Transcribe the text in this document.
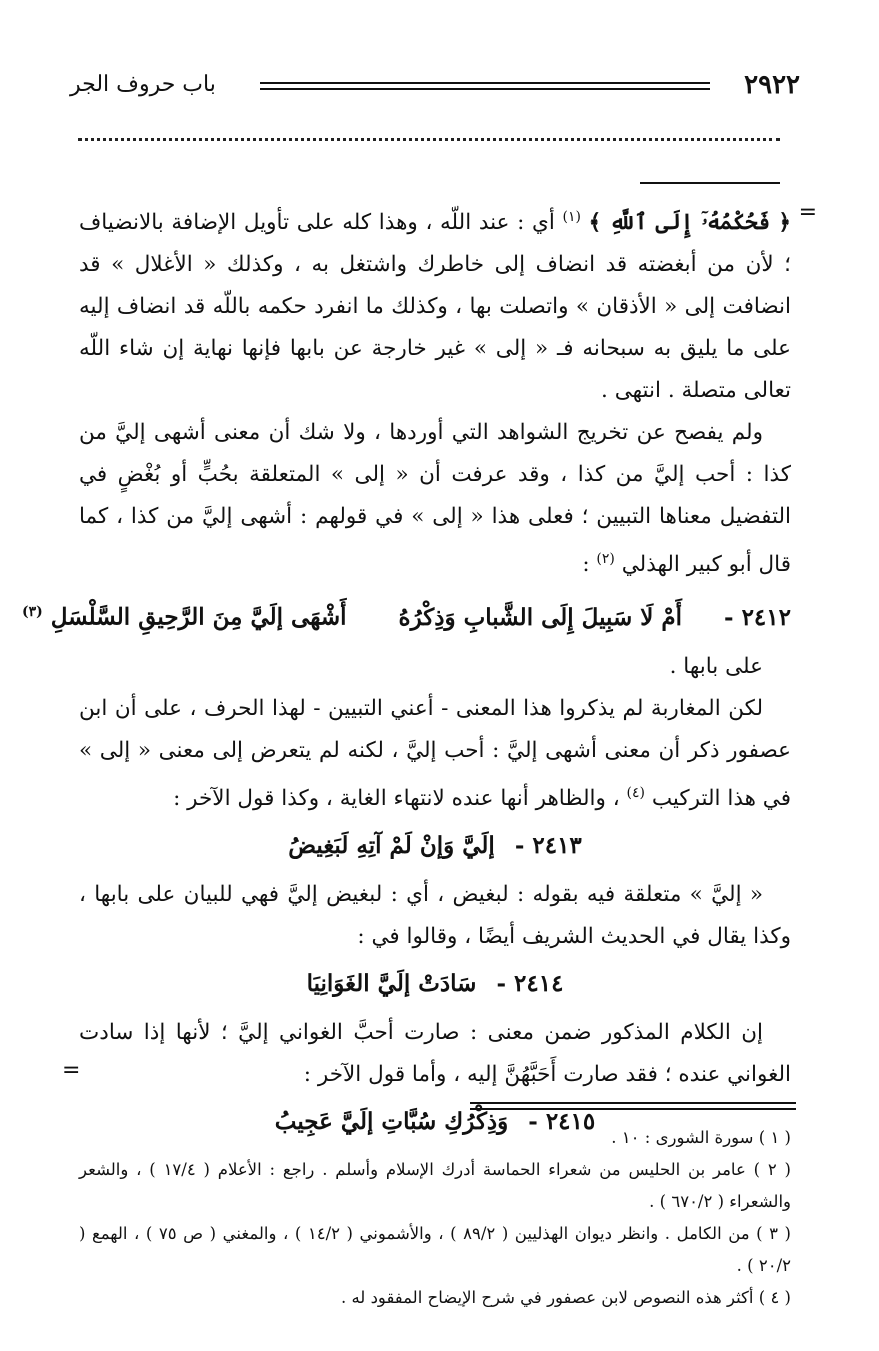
٢٩٢٢
باب حروف الجر
=

﴿ فَحُكْمُهُۥٓ إِلَى ٱللَّهِ ﴾ $^{(١)}$ أي : عند اللّه ، وهذا كله على تأويل الإضافة بالانضياف ؛ لأن من أبغضته قد انضاف إلى خاطرك واشتغل به ، وكذلك « الأغلال » قد انضافت إلى « الأذقان » واتصلت بها ، وكذلك ما انفرد حكمه باللّه قد انضاف إليه على ما يليق به سبحانه فـ « إلى » غير خارجة عن بابها فإنها نهاية إن شاء اللّه تعالى متصلة . انتهى .

ولم يفصح عن تخريج الشواهد التي أوردها ، ولا شك أن معنى أشهى إليَّ من كذا : أحب إليَّ من كذا ، وقد عرفت أن « إلى » المتعلقة بحُبٍّ أو بُغْضٍ في التفضيل معناها التبيين ؛ فعلى هذا « إلى » في قولهم : أشهى إليَّ من كذا ، كما قال أبو كبير الهذلي $^{(٢)}$ :

٢٤١٢ - أَمْ لَا سَبِيلَ إِلَى الشَّبابِ وَذِكْرُهُ أَشْهَى إلَيَّ مِنَ الرَّحِيقِ السَّلْسَلِ $^{(٣)}$

على بابها .

لكن المغاربة لم يذكروا هذا المعنى - أعني التبيين - لهذا الحرف ، على أن ابن عصفور ذكر أن معنى أشهى إليَّ : أحب إليَّ ، لكنه لم يتعرض إلى معنى « إلى » في هذا التركيب $^{(٤)}$ ، والظاهر أنها عنده لانتهاء الغاية ، وكذا قول الآخر :

٢٤١٣ - إلَيَّ وَإنْ لَمْ آتِهِ لَبَغِيضُ

« إليَّ » متعلقة فيه بقوله : لبغيض ، أي : لبغيض إليَّ فهي للبيان على بابها ، وكذا يقال في الحديث الشريف أيضًا ، وقالوا في :

٢٤١٤ - سَادَتْ إلَيَّ الغَوَانِيَا

إن الكلام المذكور ضمن معنى : صارت أحبَّ الغواني إليَّ ؛ لأنها إذا سادت الغواني عنده ؛ فقد صارت أَحَبَّهُنَّ إليه ، وأما قول الآخر :

٢٤١٥ - وَذِكْرُكِ سُبَّاتِ إلَيَّ عَجِيبُ
=

( ١ ) سورة الشورى : ١٠ .

( ٢ ) عامر بن الحليس من شعراء الحماسة أدرك الإسلام وأسلم . راجع : الأعلام ( ١٧/٤ ) ، والشعر والشعراء ( ٦٧٠/٢ ) .

( ٣ ) من الكامل . وانظر ديوان الهذليين ( ٨٩/٢ ) ، والأشموني ( ١٤/٢ ) ، والمغني ( ص ٧٥ ) ، الهمع ( ٢٠/٢ ) .

( ٤ ) أكثر هذه النصوص لابن عصفور في شرح الإيضاح المفقود له .
